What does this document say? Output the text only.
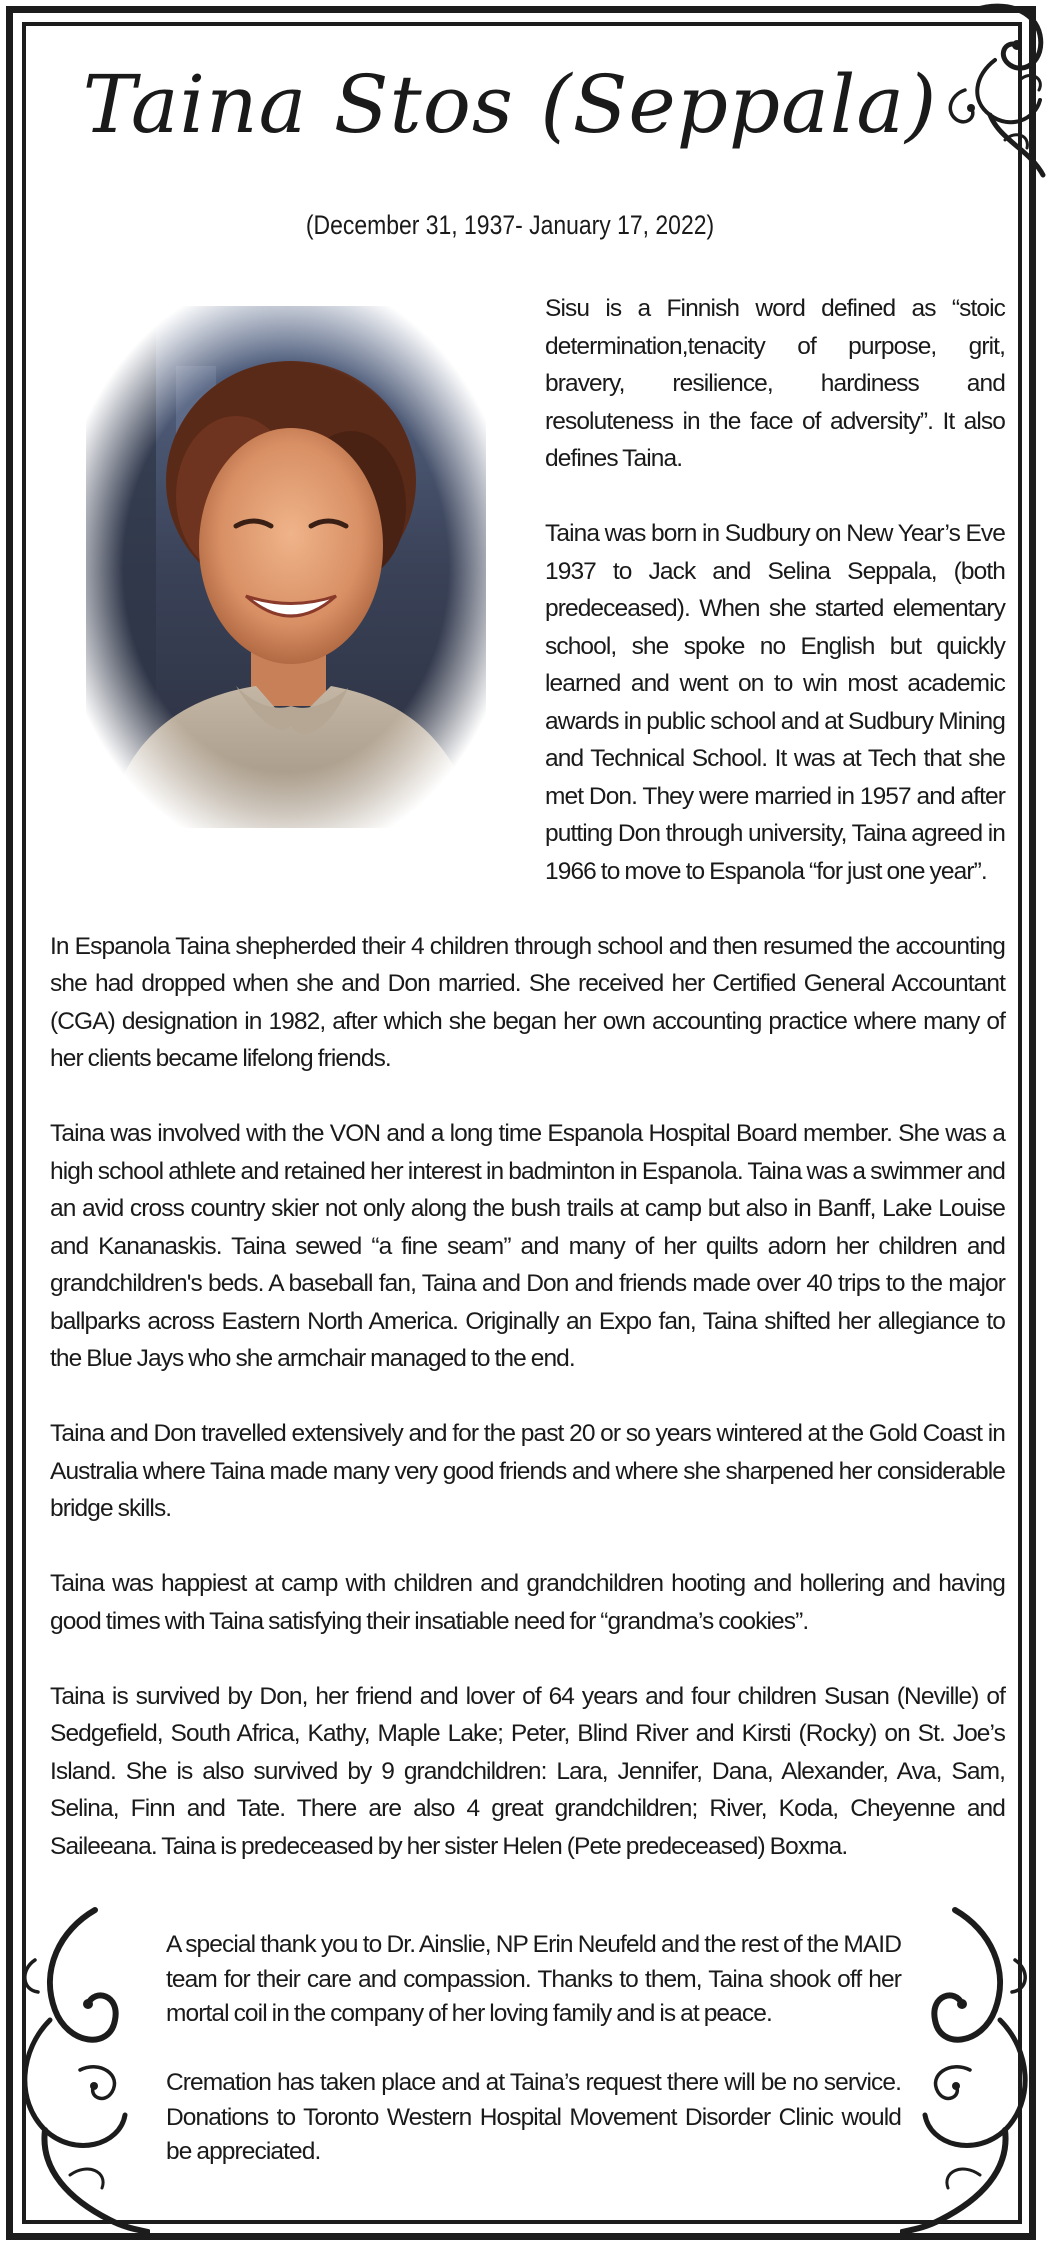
Taina Stos (Seppala)
(December 31, 1937- January 17, 2022)

Sisu is a Finnish word defined as “stoic determination,tenacity of purpose, grit, bravery, resilience, hardiness and resoluteness in the face of adversity”. It also defines Taina.

Taina was born in Sudbury on New Year’s Eve 1937 to Jack and Selina Seppala, (both predeceased). When she started elementary school, she spoke no English but quickly learned and went on to win most academic awards in public school and at Sudbury Mining and Technical School. It was at Tech that she met Don. They were married in 1957 and after putting Don through university, Taina agreed in 1966 to move to Espanola “for just one year”.

In Espanola Taina shepherded their 4 children through school and then resumed the accounting she had dropped when she and Don married. She received her Certified General Accountant (CGA) designation in 1982, after which she began her own accounting practice where many of her clients became lifelong friends.

Taina was involved with the VON and a long time Espanola Hospital Board member. She was a high school athlete and retained her interest in badminton in Espanola. Taina was a swimmer and an avid cross country skier not only along the bush trails at camp but also in Banff, Lake Louise and Kananaskis. Taina sewed “a fine seam” and many of her quilts adorn her children and grandchildren's beds. A baseball fan, Taina and Don and friends made over 40 trips to the major ballparks across Eastern North America. Originally an Expo fan, Taina shifted her allegiance to the Blue Jays who she armchair managed to the end.

Taina and Don travelled extensively and for the past 20 or so years wintered at the Gold Coast in Australia where Taina made many very good friends and where she sharpened her considerable bridge skills.

Taina was happiest at camp with children and grandchildren hooting and hollering and having good times with Taina satisfying their insatiable need for “grandma’s cookies”.

Taina is survived by Don, her friend and lover of 64 years and four children Susan (Neville) of Sedgefield, South Africa, Kathy, Maple Lake; Peter, Blind River and Kirsti (Rocky) on St. Joe’s Island. She is also survived by 9 grandchildren: Lara, Jennifer, Dana, Alexander, Ava, Sam, Selina, Finn and Tate. There are also 4 great grandchildren; River, Koda, Cheyenne and Saileeana. Taina is predeceased by her sister Helen (Pete predeceased) Boxma.

A special thank you to Dr. Ainslie, NP Erin Neufeld and the rest of the MAID team for their care and compassion. Thanks to them, Taina shook off her mortal coil in the company of her loving family and is at peace.

Cremation has taken place and at Taina’s request there will be no service. Donations to Toronto Western Hospital Movement Disorder Clinic would be appreciated.
